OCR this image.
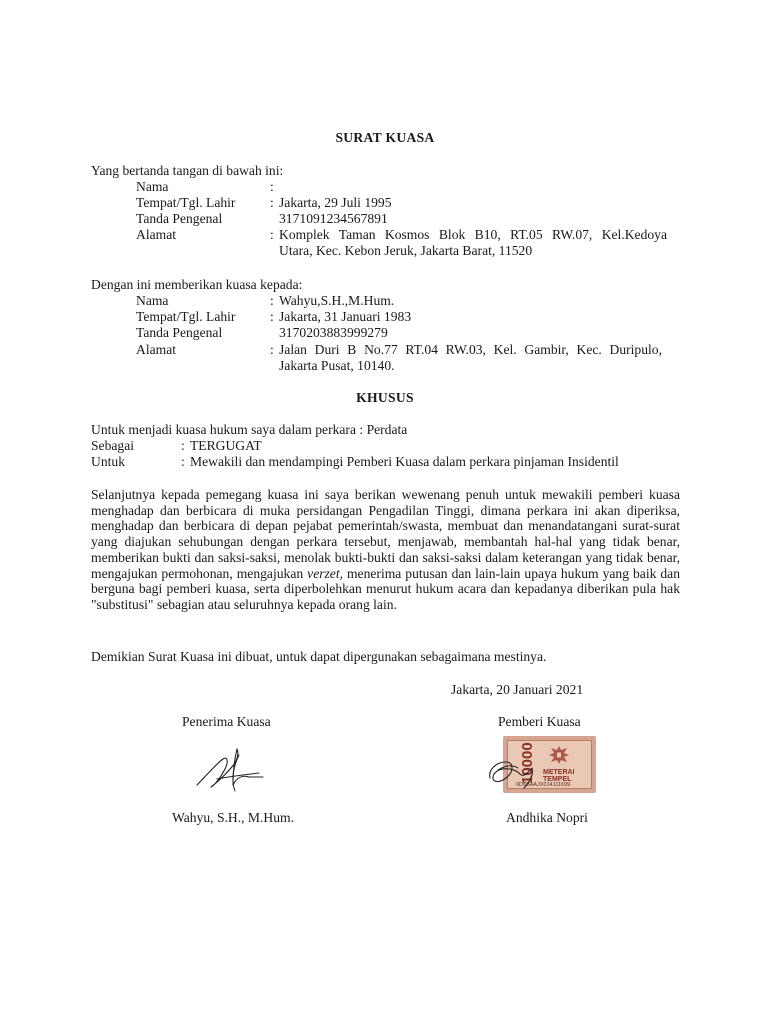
SURAT KUASA
Yang bertanda tangan di bawah ini:
Nama	:
Tempat/Tgl. Lahir	: Jakarta, 29 Juli 1995
Tanda Pengenal	3171091234567891
Alamat	: Komplek Taman Kosmos Blok B10, RT.05 RW.07, Kel.Kedoya
Utara, Kec. Kebon Jeruk, Jakarta Barat, 11520
Dengan ini memberikan kuasa kepada:
Nama	: Wahyu,S.H.,M.Hum.
Tempat/Tgl. Lahir	: Jakarta, 31 Januari 1983
Tanda Pengenal	3170203883999279
Alamat	: Jalan Duri B No.77 RT.04 RW.03, Kel. Gambir, Kec. Duripulo,
Jakarta Pusat, 10140.
KHUSUS
Untuk menjadi kuasa hukum saya dalam perkara : Perdata
Sebagai	: TERGUGAT
Untuk	: Mewakili dan mendampingi Pemberi Kuasa dalam perkara pinjaman Insidentil
Selanjutnya kepada pemegang kuasa ini saya berikan wewenang penuh untuk mewakili pemberi kuasa menghadap dan berbicara di muka persidangan Pengadilan Tinggi, dimana perkara ini akan diperiksa, menghadap dan berbicara di depan pejabat pemerintah/swasta, membuat dan menandatangani surat-surat yang diajukan sehubungan dengan perkara tersebut, menjawab, membantah hal-hal yang tidak benar, memberikan bukti dan saksi-saksi, menolak bukti-bukti dan saksi-saksi dalam keterangan yang tidak benar, mengajukan permohonan, mengajukan verzet, menerima putusan dan lain-lain upaya hukum yang baik dan berguna bagi pemberi kuasa, serta diperbolehkan menurut hukum acara dan kepadanya diberikan pula hak "substitusi" sebagian atau seluruhnya kepada orang lain.
Demikian Surat Kuasa ini dibuat, untuk dapat dipergunakan sebagaimana mestinya.
Jakarta, 20 Januari 2021
Penerima Kuasa	Pemberi Kuasa
10000	METERAI
TEMPEL
6D6BAAJX014111699
Wahyu, S.H., M.Hum.	Andhika Nopri
